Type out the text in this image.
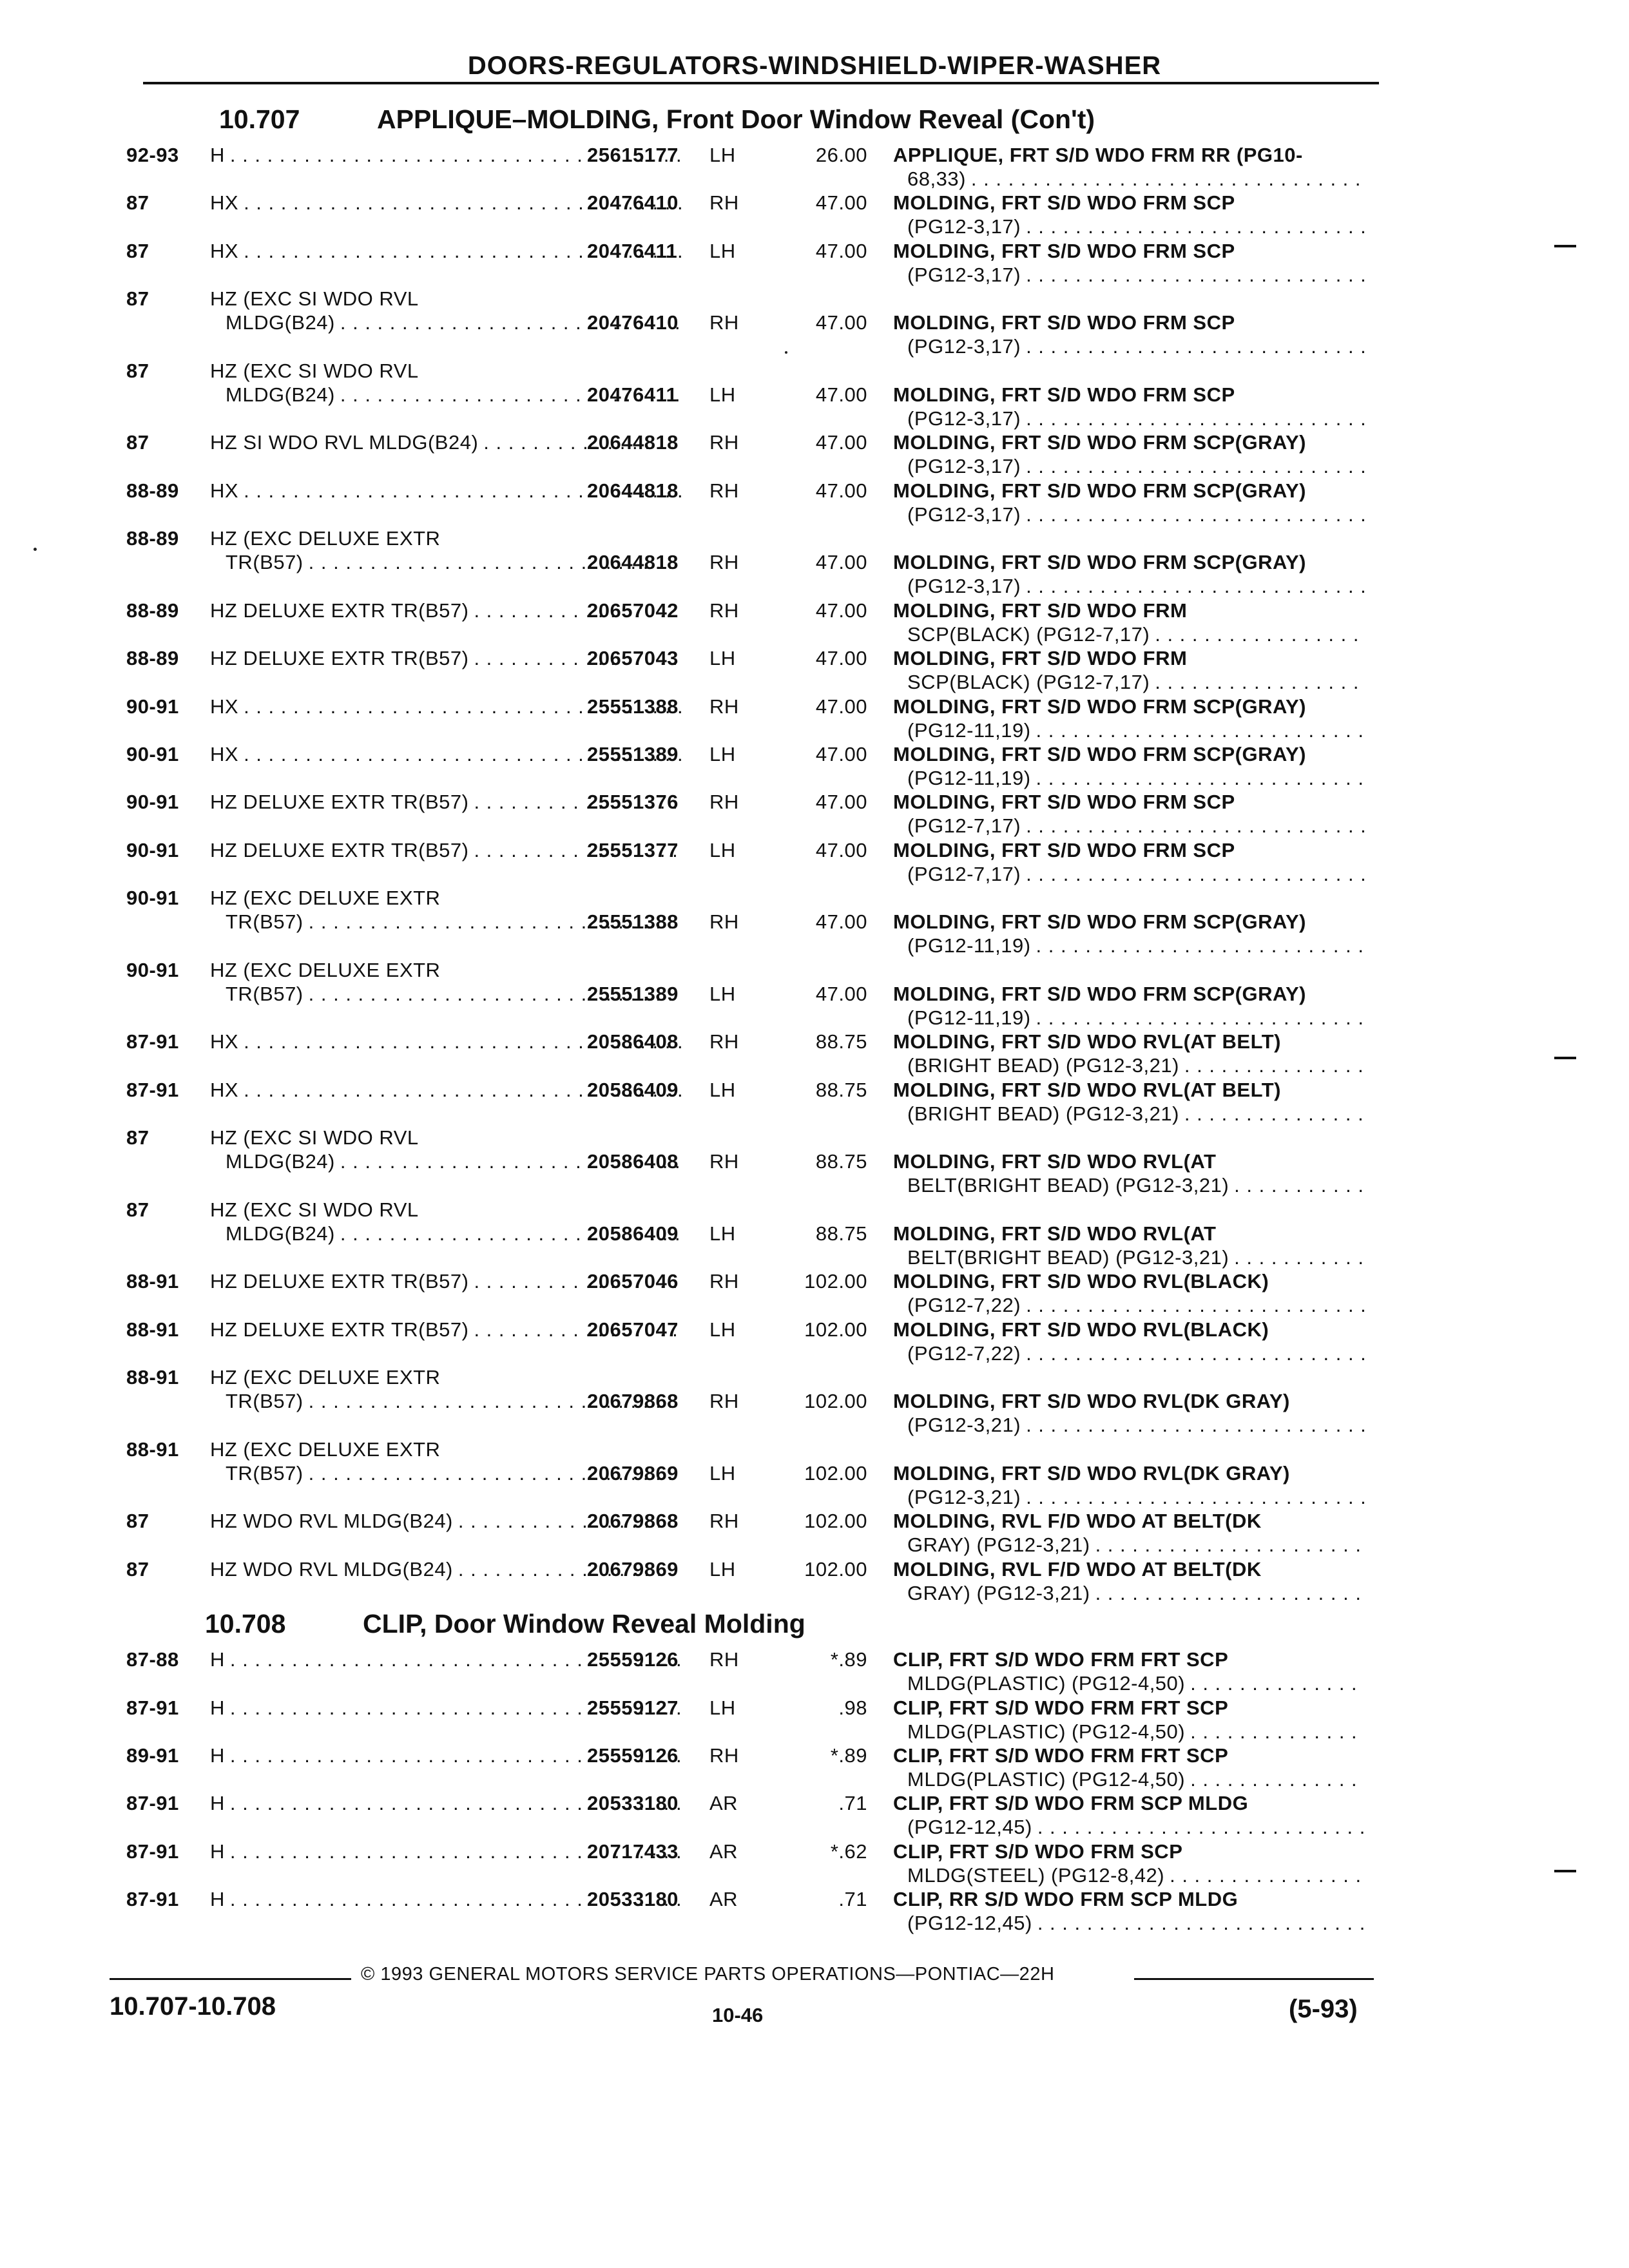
DOORS-REGULATORS-WINDSHIELD-WIPER-WASHER
10.707	APPLIQUE–MOLDING, Front Door Window Reveal (Con't)
92-93 H . . .	25615177 LH	26.00 APPLIQUE, FRT S/D WDO FRM RR (PG10-
68,33)
. . .
87	HX . . .	20476410 RH	47.00 MOLDING, FRT S/D WDO FRM SCP
(PG12-3,17)
. . .
87	HX . . .	20476411 LH	47.00 MOLDING, FRT S/D WDO FRM SCP
(PG12-3,17)
. . .
87	HZ (EXC SI WDO RVL
MLDG(B24) . . .	20476410 RH	47.00 MOLDING, FRT S/D WDO FRM SCP
(PG12-3,17)
. . .
87	HZ (EXC SI WDO RVL
MLDG(B24) . . .	20476411 LH	47.00 MOLDING, FRT S/D WDO FRM SCP
(PG12-3,17)
. . .
87	HZ SI WDO RVL MLDG(B24) . . .	20644818 RH	47.00 MOLDING, FRT S/D WDO FRM SCP(GRAY)
(PG12-3,17)
. . .
88-89 HX . . .	20644818 RH	47.00 MOLDING, FRT S/D WDO FRM SCP(GRAY)
(PG12-3,17)
. . .
88-89 HZ (EXC DELUXE EXTR
TR(B57) . . .	20644818 RH	47.00 MOLDING, FRT S/D WDO FRM SCP(GRAY)
(PG12-3,17)
. . .
88-89 HZ DELUXE EXTR TR(B57) . . .	20657042 RH	47.00 MOLDING, FRT S/D WDO FRM
SCP(BLACK) (PG12-7,17)
. . .
88-89 HZ DELUXE EXTR TR(B57) . . .	20657043 LH	47.00 MOLDING, FRT S/D WDO FRM
SCP(BLACK) (PG12-7,17)
. . .
90-91 HX . . .	25551388 RH	47.00 MOLDING, FRT S/D WDO FRM SCP(GRAY)
(PG12-11,19)
. . .
90-91 HX . . .	25551389 LH	47.00 MOLDING, FRT S/D WDO FRM SCP(GRAY)
(PG12-11,19)
. . .
90-91 HZ DELUXE EXTR TR(B57) . . .	25551376 RH	47.00 MOLDING, FRT S/D WDO FRM SCP
(PG12-7,17)
. . .
90-91 HZ DELUXE EXTR TR(B57) . . .	25551377 LH	47.00 MOLDING, FRT S/D WDO FRM SCP
(PG12-7,17)
. . .
90-91 HZ (EXC DELUXE EXTR
TR(B57) . . .	25551388 RH	47.00 MOLDING, FRT S/D WDO FRM SCP(GRAY)
(PG12-11,19)
. . .
90-91 HZ (EXC DELUXE EXTR
TR(B57) . . .	25551389 LH	47.00 MOLDING, FRT S/D WDO FRM SCP(GRAY)
(PG12-11,19)
. . .
87-91 HX . . .	20586408 RH	88.75 MOLDING, FRT S/D WDO RVL(AT BELT)
(BRIGHT BEAD) (PG12-3,21)
. . .
87-91 HX . . .	20586409 LH	88.75 MOLDING, FRT S/D WDO RVL(AT BELT)
(BRIGHT BEAD) (PG12-3,21)
. . .
87	HZ (EXC SI WDO RVL
MLDG(B24) . . .	20586408 RH	88.75 MOLDING, FRT S/D WDO RVL(AT
BELT(BRIGHT BEAD) (PG12-3,21)
. . .
87	HZ (EXC SI WDO RVL
MLDG(B24) . . .	20586409 LH	88.75 MOLDING, FRT S/D WDO RVL(AT
BELT(BRIGHT BEAD) (PG12-3,21)
. . .
88-91 HZ DELUXE EXTR TR(B57) . . .	20657046 RH	102.00 MOLDING, FRT S/D WDO RVL(BLACK)
(PG12-7,22)
. . .
88-91 HZ DELUXE EXTR TR(B57) . . .	20657047 LH	102.00 MOLDING, FRT S/D WDO RVL(BLACK)
(PG12-7,22)
. . .
88-91 HZ (EXC DELUXE EXTR
TR(B57) . . .	20679868 RH	102.00 MOLDING, FRT S/D WDO RVL(DK GRAY)
(PG12-3,21)
. . .
88-91 HZ (EXC DELUXE EXTR
TR(B57) . . .	20679869 LH	102.00 MOLDING, FRT S/D WDO RVL(DK GRAY)
(PG12-3,21)
. . .
87	HZ WDO RVL MLDG(B24) . . .	20679868 RH	102.00 MOLDING, RVL F/D WDO AT BELT(DK
GRAY) (PG12-3,21)
. . .
87	HZ WDO RVL MLDG(B24) . . .	20679869 LH	102.00 MOLDING, RVL F/D WDO AT BELT(DK
GRAY) (PG12-3,21)
. . .
10.708	CLIP, Door Window Reveal Molding
87-88 H . . .	25559126 RH	*.89 CLIP, FRT S/D WDO FRM FRT SCP
MLDG(PLASTIC) (PG12-4,50)
. . .
87-91 H . . .	25559127 LH	.98 CLIP, FRT S/D WDO FRM FRT SCP
MLDG(PLASTIC) (PG12-4,50)
. . .
89-91 H . . .	25559126 RH	*.89 CLIP, FRT S/D WDO FRM FRT SCP
MLDG(PLASTIC) (PG12-4,50)
. . .
87-91 H . . .	20533180 AR	.71 CLIP, FRT S/D WDO FRM SCP MLDG
(PG12-12,45)
. . .
87-91 H . . .	20717433 AR	*.62 CLIP, FRT S/D WDO FRM SCP
MLDG(STEEL) (PG12-8,42)
. . .
87-91 H . . .	20533180 AR	.71 CLIP, RR S/D WDO FRM SCP MLDG
(PG12-12,45)
. . .
© 1993 GENERAL MOTORS SERVICE PARTS OPERATIONS—PONTIAC—22H
10.707-10.708	10-46	(5-93)
